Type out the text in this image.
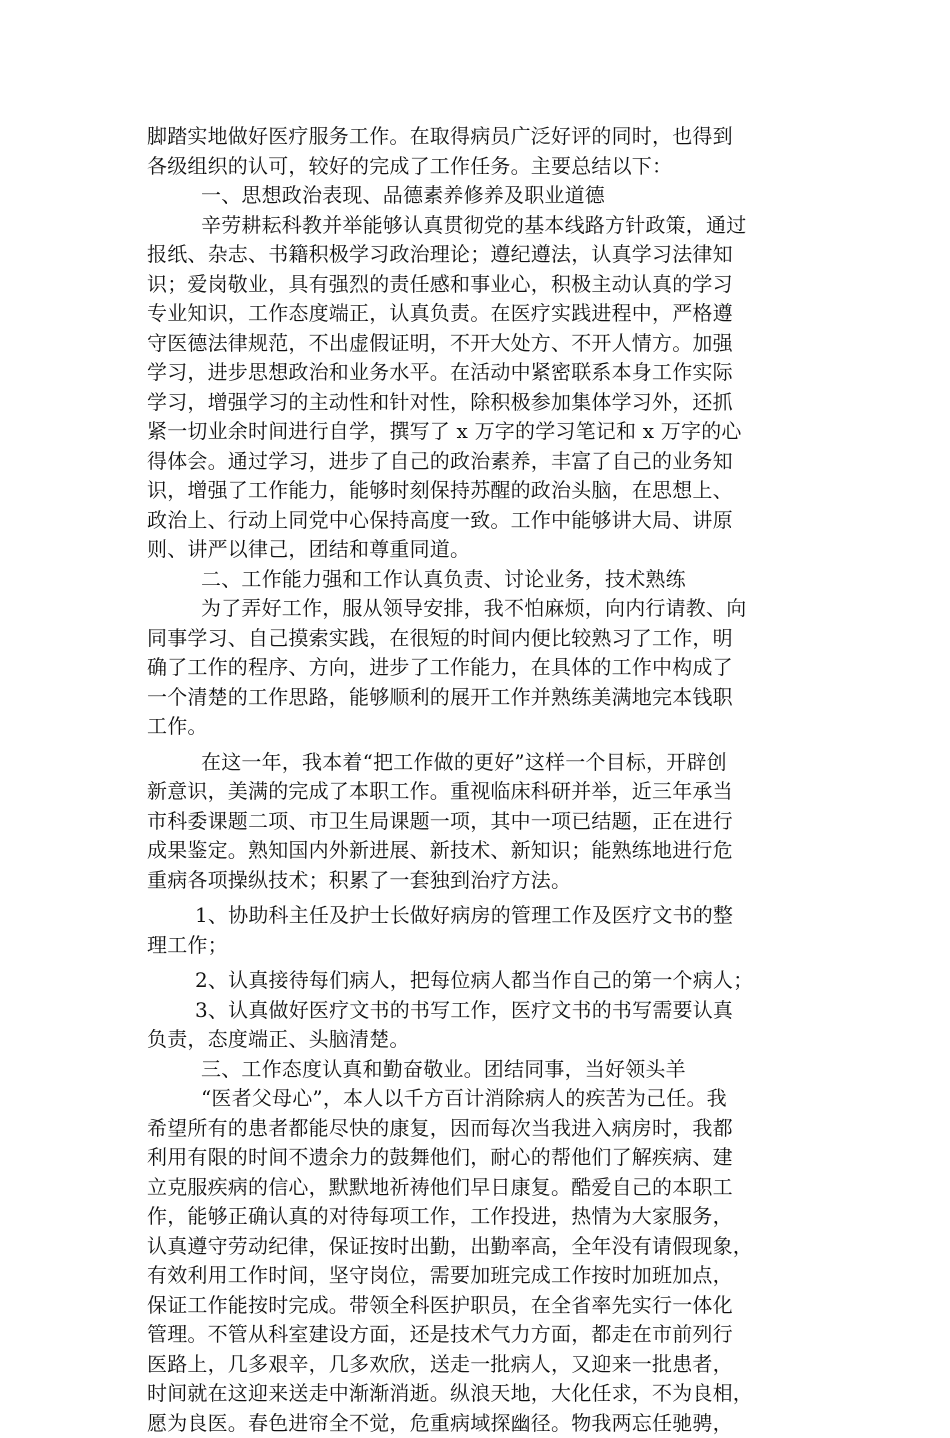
脚踏实地做好医疗服务工作。在取得病员广泛好评的同时，也得到
各级组织的认可，较好的完成了工作任务。主要总结以下：
一、思想政治表现、品德素养修养及职业道德
辛劳耕耘科教并举能够认真贯彻党的基本线路方针政策，通过
报纸、杂志、书籍积极学习政治理论；遵纪遵法，认真学习法律知
识；爱岗敬业，具有强烈的责任感和事业心，积极主动认真的学习
专业知识，工作态度端正，认真负责。在医疗实践进程中，严格遵
守医德法律规范，不出虚假证明，不开大处方、不开人情方。加强
学习，进步思想政治和业务水平。在活动中紧密联系本身工作实际
学习，增强学习的主动性和针对性，除积极参加集体学习外，还抓
紧一切业余时间进行自学，撰写了 x 万字的学习笔记和 x 万字的心
得体会。通过学习，进步了自己的政治素养，丰富了自己的业务知
识，增强了工作能力，能够时刻保持苏醒的政治头脑，在思想上、
政治上、行动上同党中心保持高度一致。工作中能够讲大局、讲原
则、讲严以律己，团结和尊重同道。
二、工作能力强和工作认真负责、讨论业务，技术熟练
为了弄好工作，服从领导安排，我不怕麻烦，向内行请教、向
同事学习、自己摸索实践，在很短的时间内便比较熟习了工作，明
确了工作的程序、方向，进步了工作能力，在具体的工作中构成了
一个清楚的工作思路，能够顺利的展开工作并熟练美满地完本钱职
工作。
在这一年，我本着“把工作做的更好”这样一个目标，开辟创
新意识，美满的完成了本职工作。重视临床科研并举，近三年承当
市科委课题二项、市卫生局课题一项，其中一项已结题，正在进行
成果鉴定。熟知国内外新进展、新技术、新知识；能熟练地进行危
重病各项操纵技术；积累了一套独到治疗方法。
1、协助科主任及护士长做好病房的管理工作及医疗文书的整
理工作；
2、认真接待每们病人，把每位病人都当作自己的第一个病人；
3、认真做好医疗文书的书写工作，医疗文书的书写需要认真
负责，态度端正、头脑清楚。
三、工作态度认真和勤奋敬业。团结同事，当好领头羊
“医者父母心”，本人以千方百计消除病人的疾苦为己任。我
希望所有的患者都能尽快的康复，因而每次当我进入病房时，我都
利用有限的时间不遗余力的鼓舞他们，耐心的帮他们了解疾病、建
立克服疾病的信心，默默地祈祷他们早日康复。酷爱自己的本职工
作，能够正确认真的对待每项工作，工作投进，热情为大家服务，
认真遵守劳动纪律，保证按时出勤，出勤率高，全年没有请假现象，
有效利用工作时间，坚守岗位，需要加班完成工作按时加班加点，
保证工作能按时完成。带领全科医护职员，在全省率先实行一体化
管理。不管从科室建设方面，还是技术气力方面，都走在市前列行
医路上，几多艰辛，几多欢欣，送走一批病人，又迎来一批患者，
时间就在这迎来送走中渐渐消逝。纵浪天地，大化任求，不为良相，
愿为良医。春色进帘全不觉，危重病域探幽径。物我两忘任驰骋，
